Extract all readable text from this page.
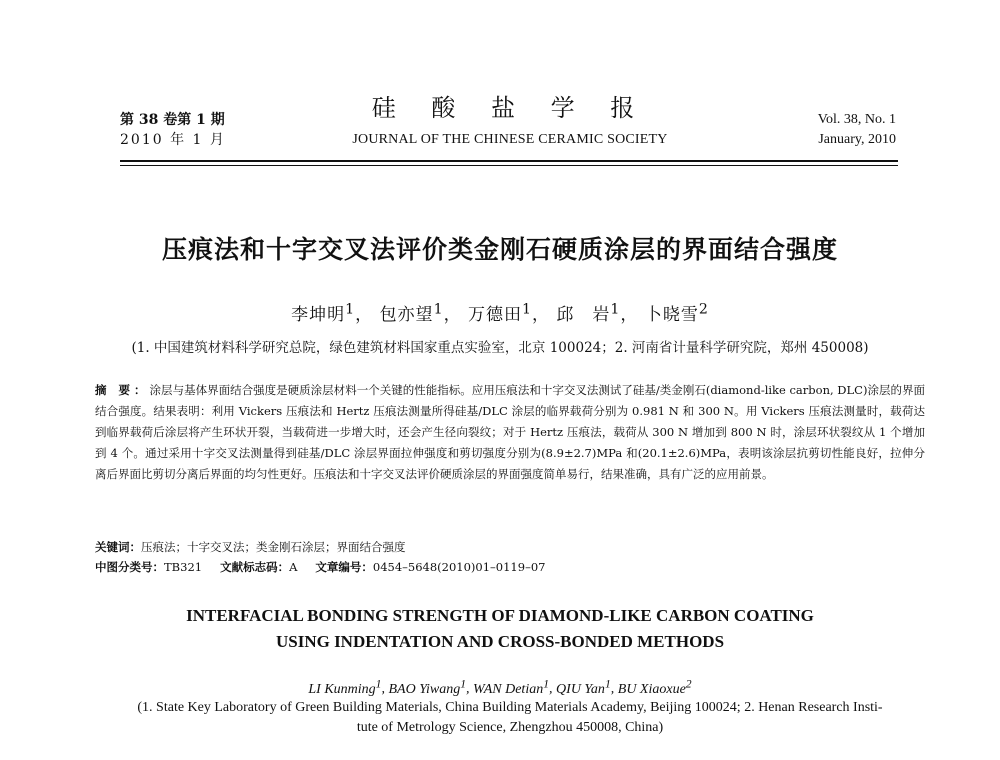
第 38 卷第 1 期
2010 年 1 月
硅 酸 盐 学 报
JOURNAL OF THE CHINESE CERAMIC SOCIETY
Vol. 38, No. 1
January, 2010
压痕法和十字交叉法评价类金刚石硬质涂层的界面结合强度
李坤明$^1$， 包亦望$^1$， 万德田$^1$， 邱　岩$^1$， 卜晓雪$^2$
(1. 中国建筑材料科学研究总院，绿色建筑材料国家重点实验室，北京 100024；2. 河南省计量科学研究院，郑州 450008)
摘 要：涂层与基体界面结合强度是硬质涂层材料一个关键的性能指标。应用压痕法和十字交叉法测试了硅基/类金刚石(diamond-like carbon, DLC)涂层的界面结合强度。结果表明：利用 Vickers 压痕法和 Hertz 压痕法测量所得硅基/DLC 涂层的临界载荷分别为 0.981 N 和 300 N。用 Vickers 压痕法测量时，载荷达到临界载荷后涂层将产生环状开裂，当载荷进一步增大时，还会产生径向裂纹；对于 Hertz 压痕法，载荷从 300 N 增加到 800 N 时，涂层环状裂纹从 1 个增加到 4 个。通过采用十字交叉法测量得到硅基/DLC 涂层界面拉伸强度和剪切强度分别为(8.9±2.7)MPa 和(20.1±2.6)MPa，表明该涂层抗剪切性能良好，拉伸分离后界面比剪切分离后界面的均匀性更好。压痕法和十字交叉法评价硬质涂层的界面强度简单易行，结果准确，具有广泛的应用前景。
关键词：压痕法；十字交叉法；类金刚石涂层；界面结合强度
中图分类号：TB321 文献标志码：A 文章编号：0454–5648(2010)01–0119–07
INTERFACIAL BONDING STRENGTH OF DIAMOND-LIKE CARBON COATING
USING INDENTATION AND CROSS-BONDED METHODS
LI Kunming$^1$, BAO Yiwang$^1$, WAN Detian$^1$, QIU Yan$^1$, BU Xiaoxue$^2$
(1. State Key Laboratory of Green Building Materials, China Building Materials Academy, Beijing 100024; 2. Henan Research Insti-
tute of Metrology Science, Zhengzhou 450008, China)
